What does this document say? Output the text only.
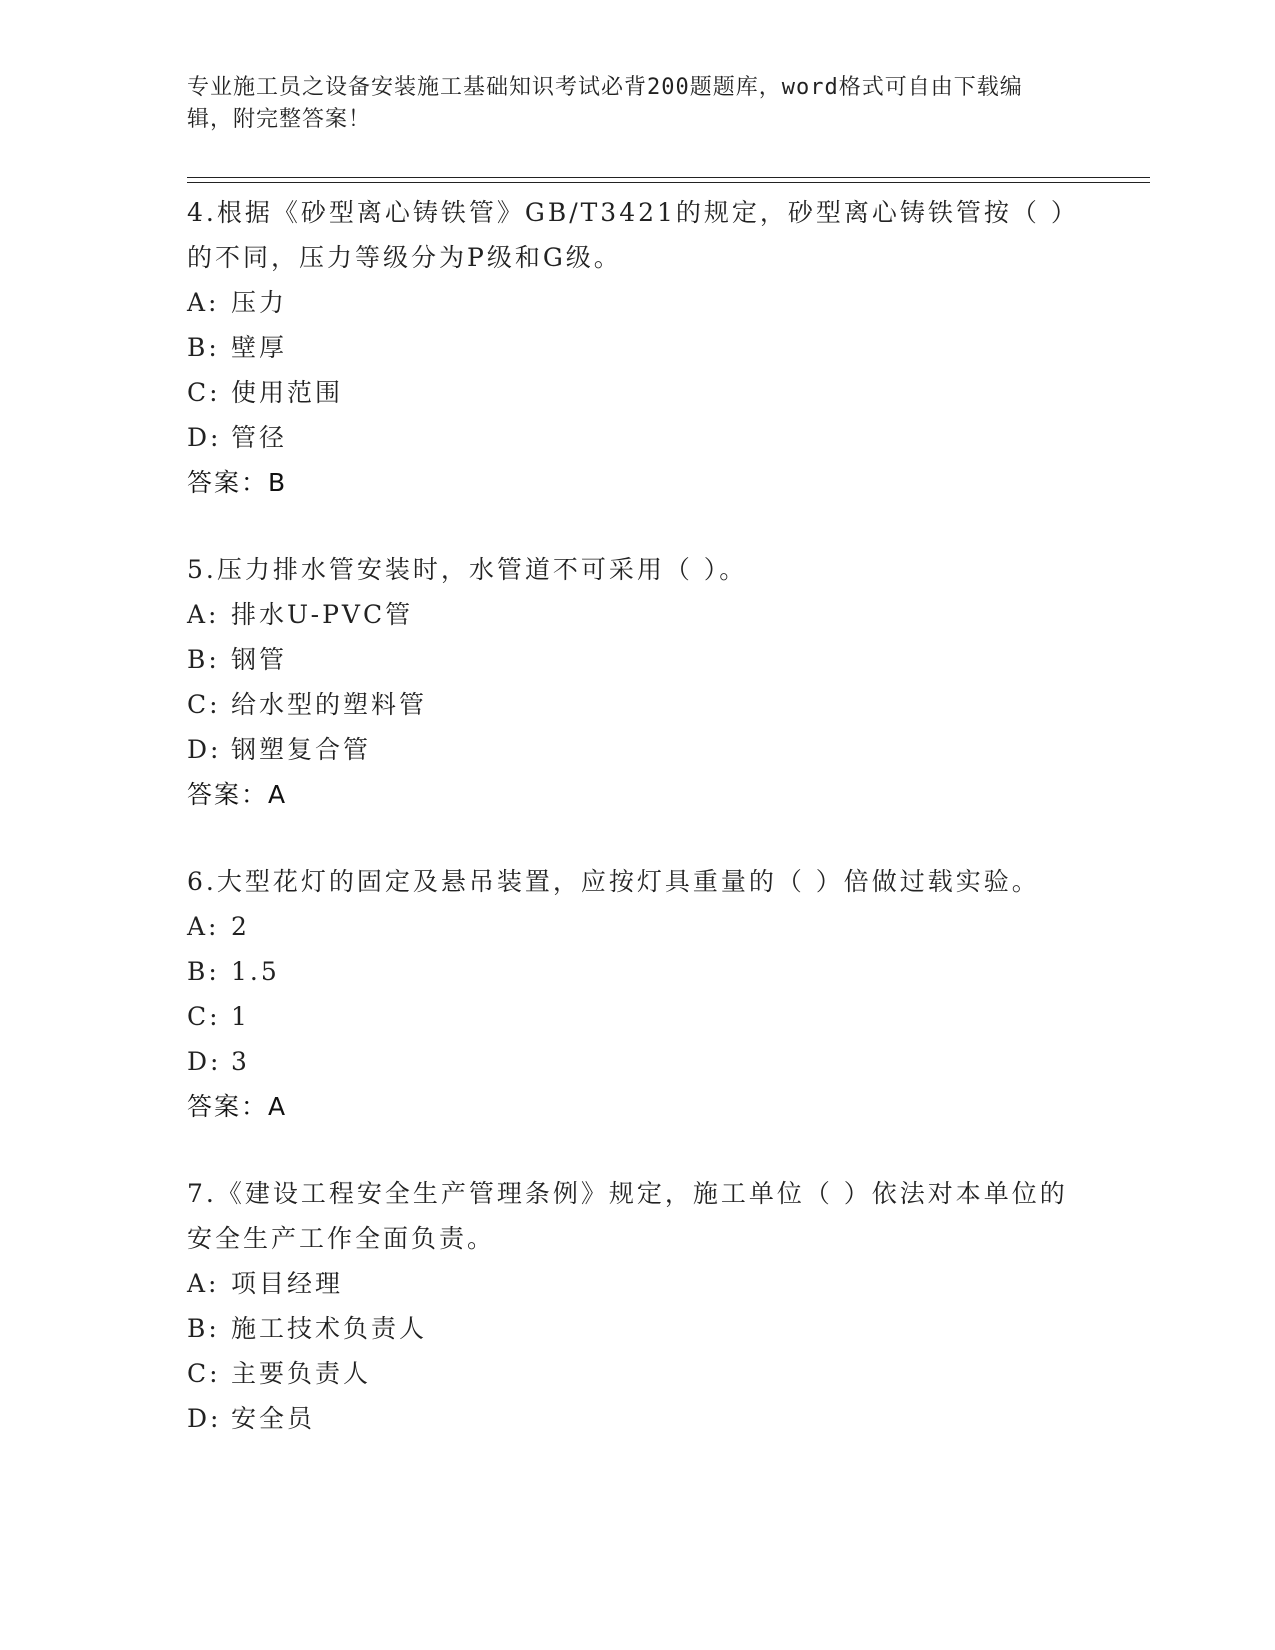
专业施工员之设备安装施工基础知识考试必背200题题库，word格式可自由下载编辑，附完整答案！
4.根据《砂型离心铸铁管》GB/T3421的规定，砂型离心铸铁管按（ ）的不同，压力等级分为P级和G级。
A: 压力
B: 壁厚
C: 使用范围
D: 管径
答案：B
5.压力排水管安装时，水管道不可采用（ ）。
A: 排水U-PVC管
B: 钢管
C: 给水型的塑料管
D: 钢塑复合管
答案：A
6.大型花灯的固定及悬吊装置，应按灯具重量的（ ）倍做过载实验。
A: 2
B: 1.5
C: 1
D: 3
答案：A
7.《建设工程安全生产管理条例》规定，施工单位（ ）依法对本单位的安全生产工作全面负责。
A: 项目经理
B: 施工技术负责人
C: 主要负责人
D: 安全员
